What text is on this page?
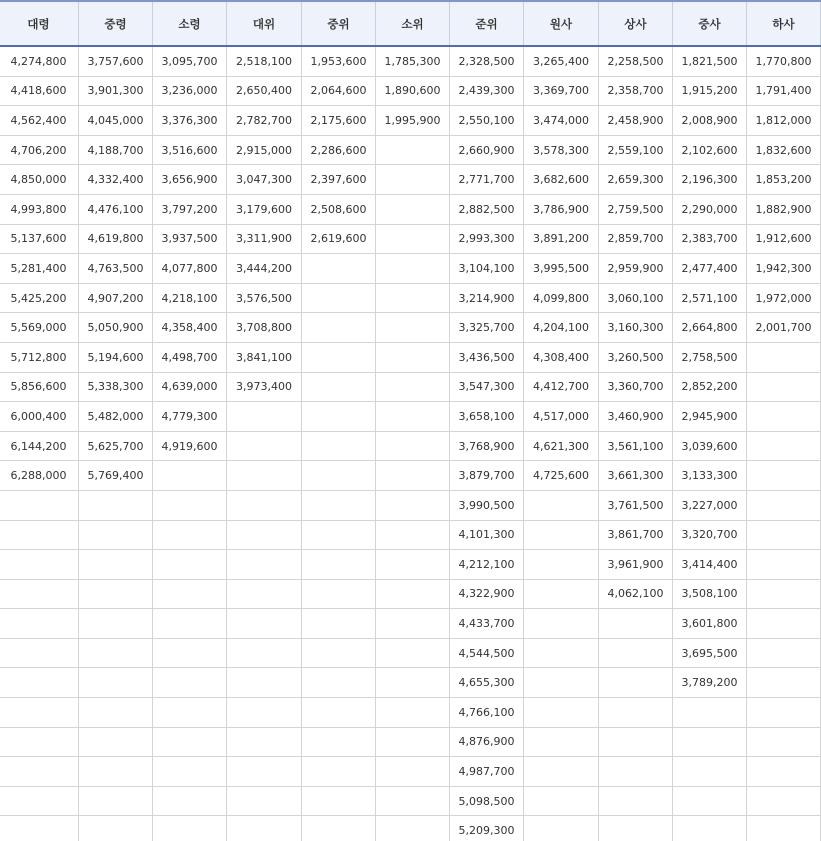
대령	중령	소령	대위	중위	소위	준위	원사	상사	중사	하사
4,274,800	3,757,600	3,095,700	2,518,100	1,953,600	1,785,300	2,328,500	3,265,400	2,258,500	1,821,500	1,770,800
4,418,600	3,901,300	3,236,000	2,650,400	2,064,600	1,890,600	2,439,300	3,369,700	2,358,700	1,915,200	1,791,400
4,562,400	4,045,000	3,376,300	2,782,700	2,175,600	1,995,900	2,550,100	3,474,000	2,458,900	2,008,900	1,812,000
4,706,200	4,188,700	3,516,600	2,915,000	2,286,600		2,660,900	3,578,300	2,559,100	2,102,600	1,832,600
4,850,000	4,332,400	3,656,900	3,047,300	2,397,600		2,771,700	3,682,600	2,659,300	2,196,300	1,853,200
4,993,800	4,476,100	3,797,200	3,179,600	2,508,600		2,882,500	3,786,900	2,759,500	2,290,000	1,882,900
5,137,600	4,619,800	3,937,500	3,311,900	2,619,600		2,993,300	3,891,200	2,859,700	2,383,700	1,912,600
5,281,400	4,763,500	4,077,800	3,444,200			3,104,100	3,995,500	2,959,900	2,477,400	1,942,300
5,425,200	4,907,200	4,218,100	3,576,500			3,214,900	4,099,800	3,060,100	2,571,100	1,972,000
5,569,000	5,050,900	4,358,400	3,708,800			3,325,700	4,204,100	3,160,300	2,664,800	2,001,700
5,712,800	5,194,600	4,498,700	3,841,100			3,436,500	4,308,400	3,260,500	2,758,500	
5,856,600	5,338,300	4,639,000	3,973,400			3,547,300	4,412,700	3,360,700	2,852,200	
6,000,400	5,482,000	4,779,300				3,658,100	4,517,000	3,460,900	2,945,900	
6,144,200	5,625,700	4,919,600				3,768,900	4,621,300	3,561,100	3,039,600	
6,288,000	5,769,400					3,879,700	4,725,600	3,661,300	3,133,300	
						3,990,500		3,761,500	3,227,000	
						4,101,300		3,861,700	3,320,700	
						4,212,100		3,961,900	3,414,400	
						4,322,900		4,062,100	3,508,100	
						4,433,700			3,601,800	
						4,544,500			3,695,500	
						4,655,300			3,789,200	
						4,766,100				
						4,876,900				
						4,987,700				
						5,098,500				
						5,209,300				
